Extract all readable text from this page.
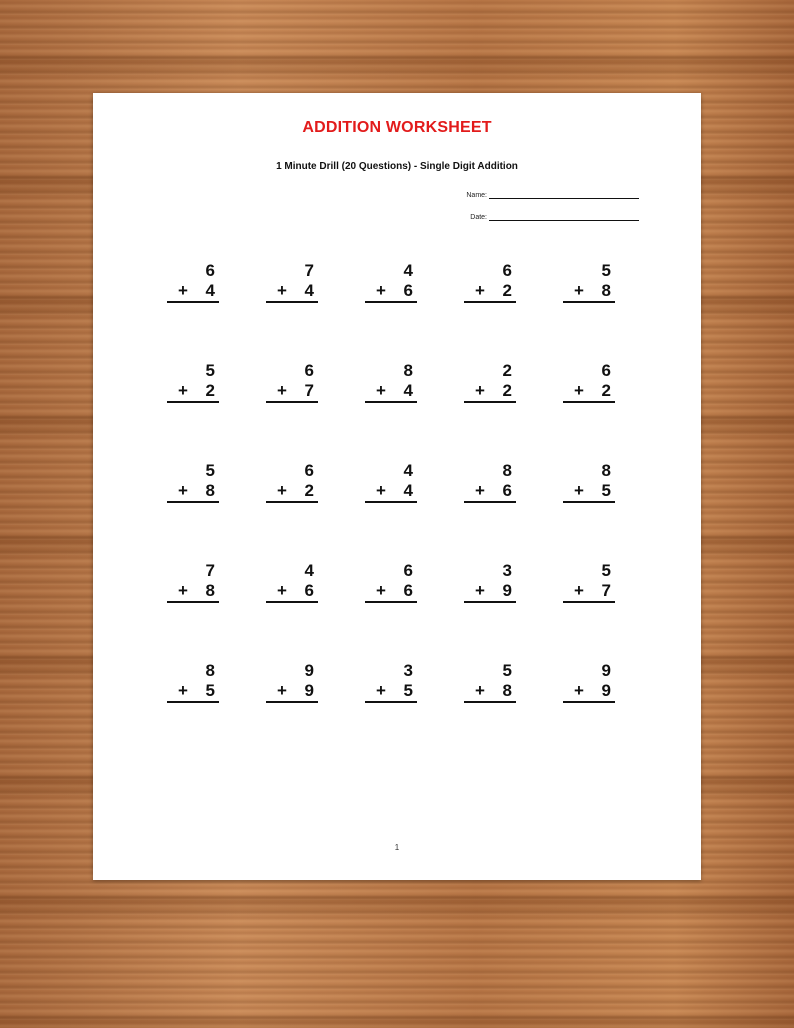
ADDITION WORKSHEET
1 Minute Drill (20 Questions) - Single Digit Addition
Name:
Date:
6
+ 4
7
+ 4
4
+ 6
6
+ 2
5
+ 8
5
+ 2
6
+ 7
8
+ 4
2
+ 2
6
+ 2
5
+ 8
6
+ 2
4
+ 4
8
+ 6
8
+ 5
7
+ 8
4
+ 6
6
+ 6
3
+ 9
5
+ 7
8
+ 5
9
+ 9
3
+ 5
5
+ 8
9
+ 9
1
